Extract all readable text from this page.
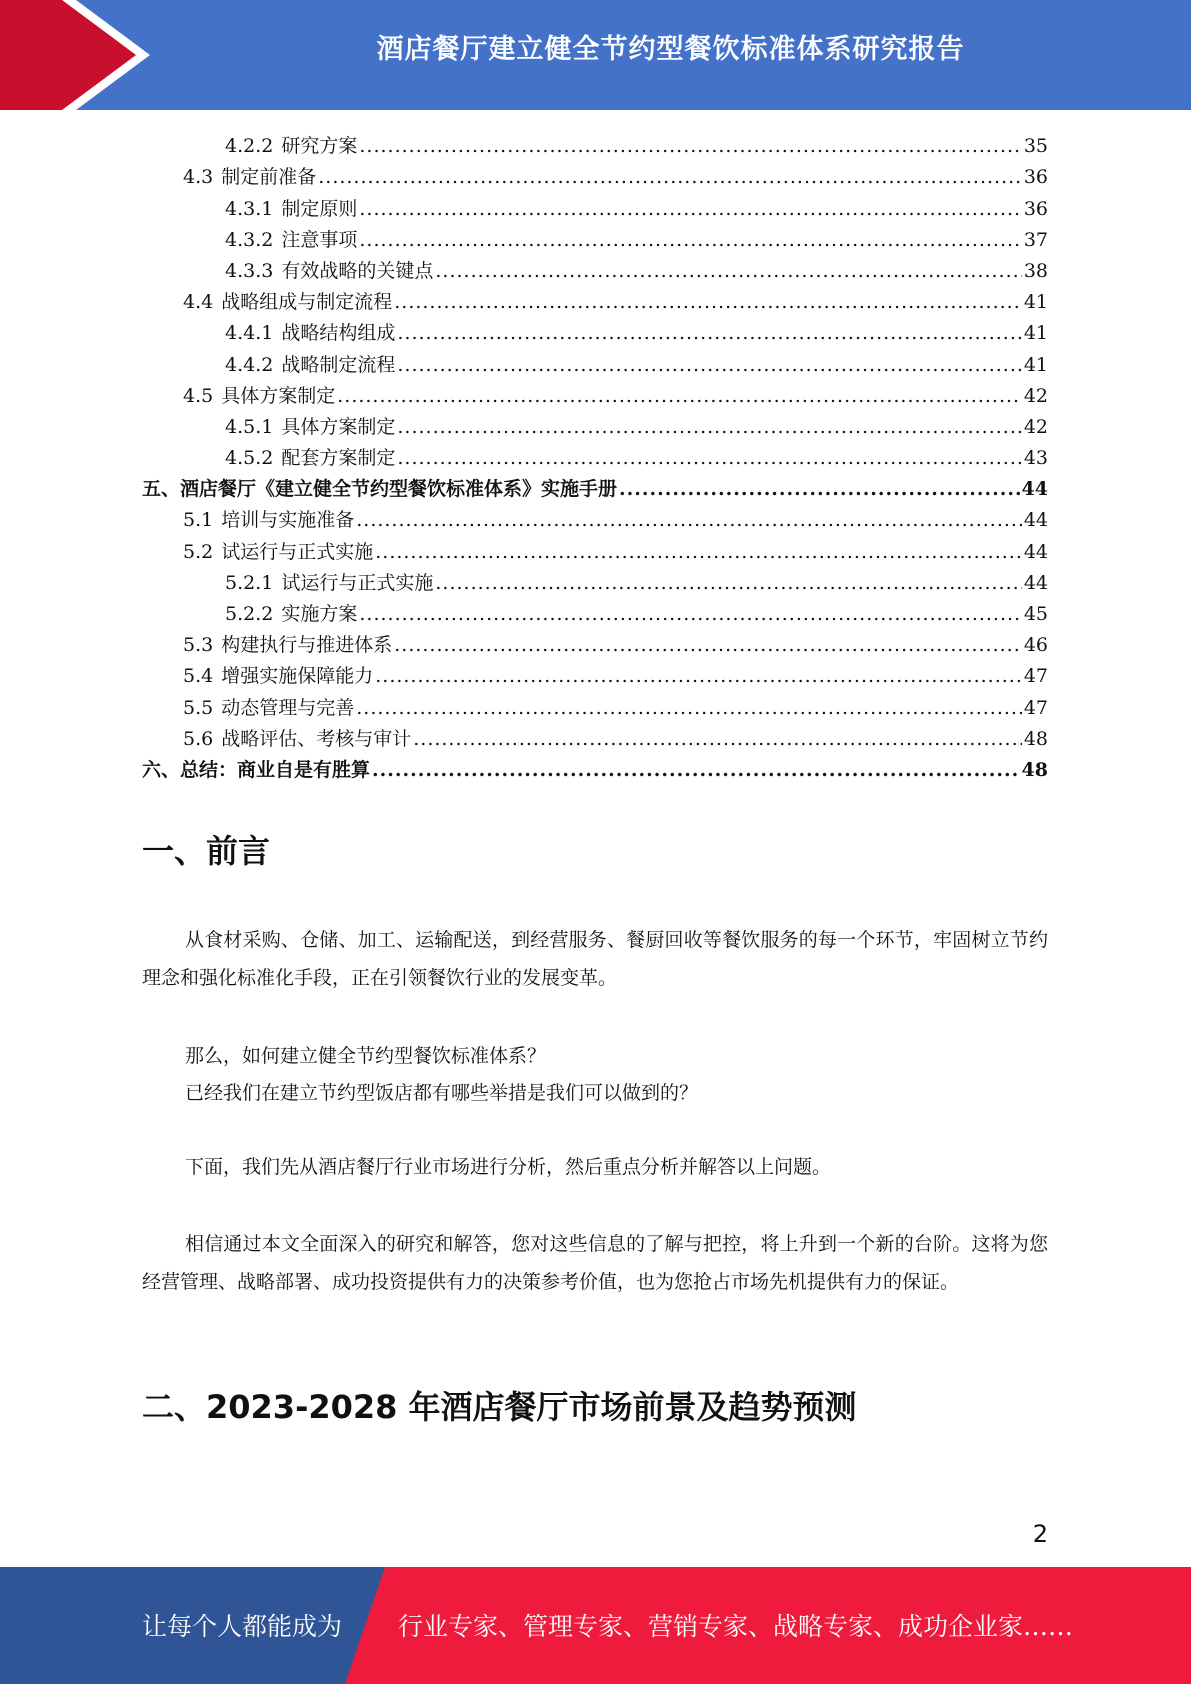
酒店餐厅建立健全节约型餐饮标准体系研究报告
4.2.2 研究方案 .....	35
4.3 制定前准备 .....	36
4.3.1 制定原则 .....	36
4.3.2 注意事项 .....	37
4.3.3 有效战略的关键点 .....	38
4.4 战略组成与制定流程 .....	41
4.4.1 战略结构组成 .....	41
4.4.2 战略制定流程 .....	41
4.5 具体方案制定 .....	42
4.5.1 具体方案制定 .....	42
4.5.2 配套方案制定 .....	43
五、酒店餐厅《建立健全节约型餐饮标准体系》实施手册 .....	44
5.1 培训与实施准备 .....	44
5.2 试运行与正式实施 .....	44
5.2.1 试运行与正式实施 .....	44
5.2.2 实施方案 .....	45
5.3 构建执行与推进体系 .....	46
5.4 增强实施保障能力 .....	47
5.5 动态管理与完善 .....	47
5.6 战略评估、考核与审计 .....	48
六、总结：商业自是有胜算 .....	48
一、前言

从食材采购、仓储、加工、运输配送，到经营服务、餐厨回收等餐饮服务的每一个环节，牢固树立节约理念和强化标准化手段，正在引领餐饮行业的发展变革。

那么，如何建立健全节约型餐饮标准体系？

已经我们在建立节约型饭店都有哪些举措是我们可以做到的？

下面，我们先从酒店餐厅行业市场进行分析，然后重点分析并解答以上问题。

相信通过本文全面深入的研究和解答，您对这些信息的了解与把控，将上升到一个新的台阶。这将为您经营管理、战略部署、成功投资提供有力的决策参考价值，也为您抢占市场先机提供有力的保证。

二、2023-2028 年酒店餐厅市场前景及趋势预测
2
让每个人都能成为 行业专家、管理专家、营销专家、战略专家、成功企业家……
